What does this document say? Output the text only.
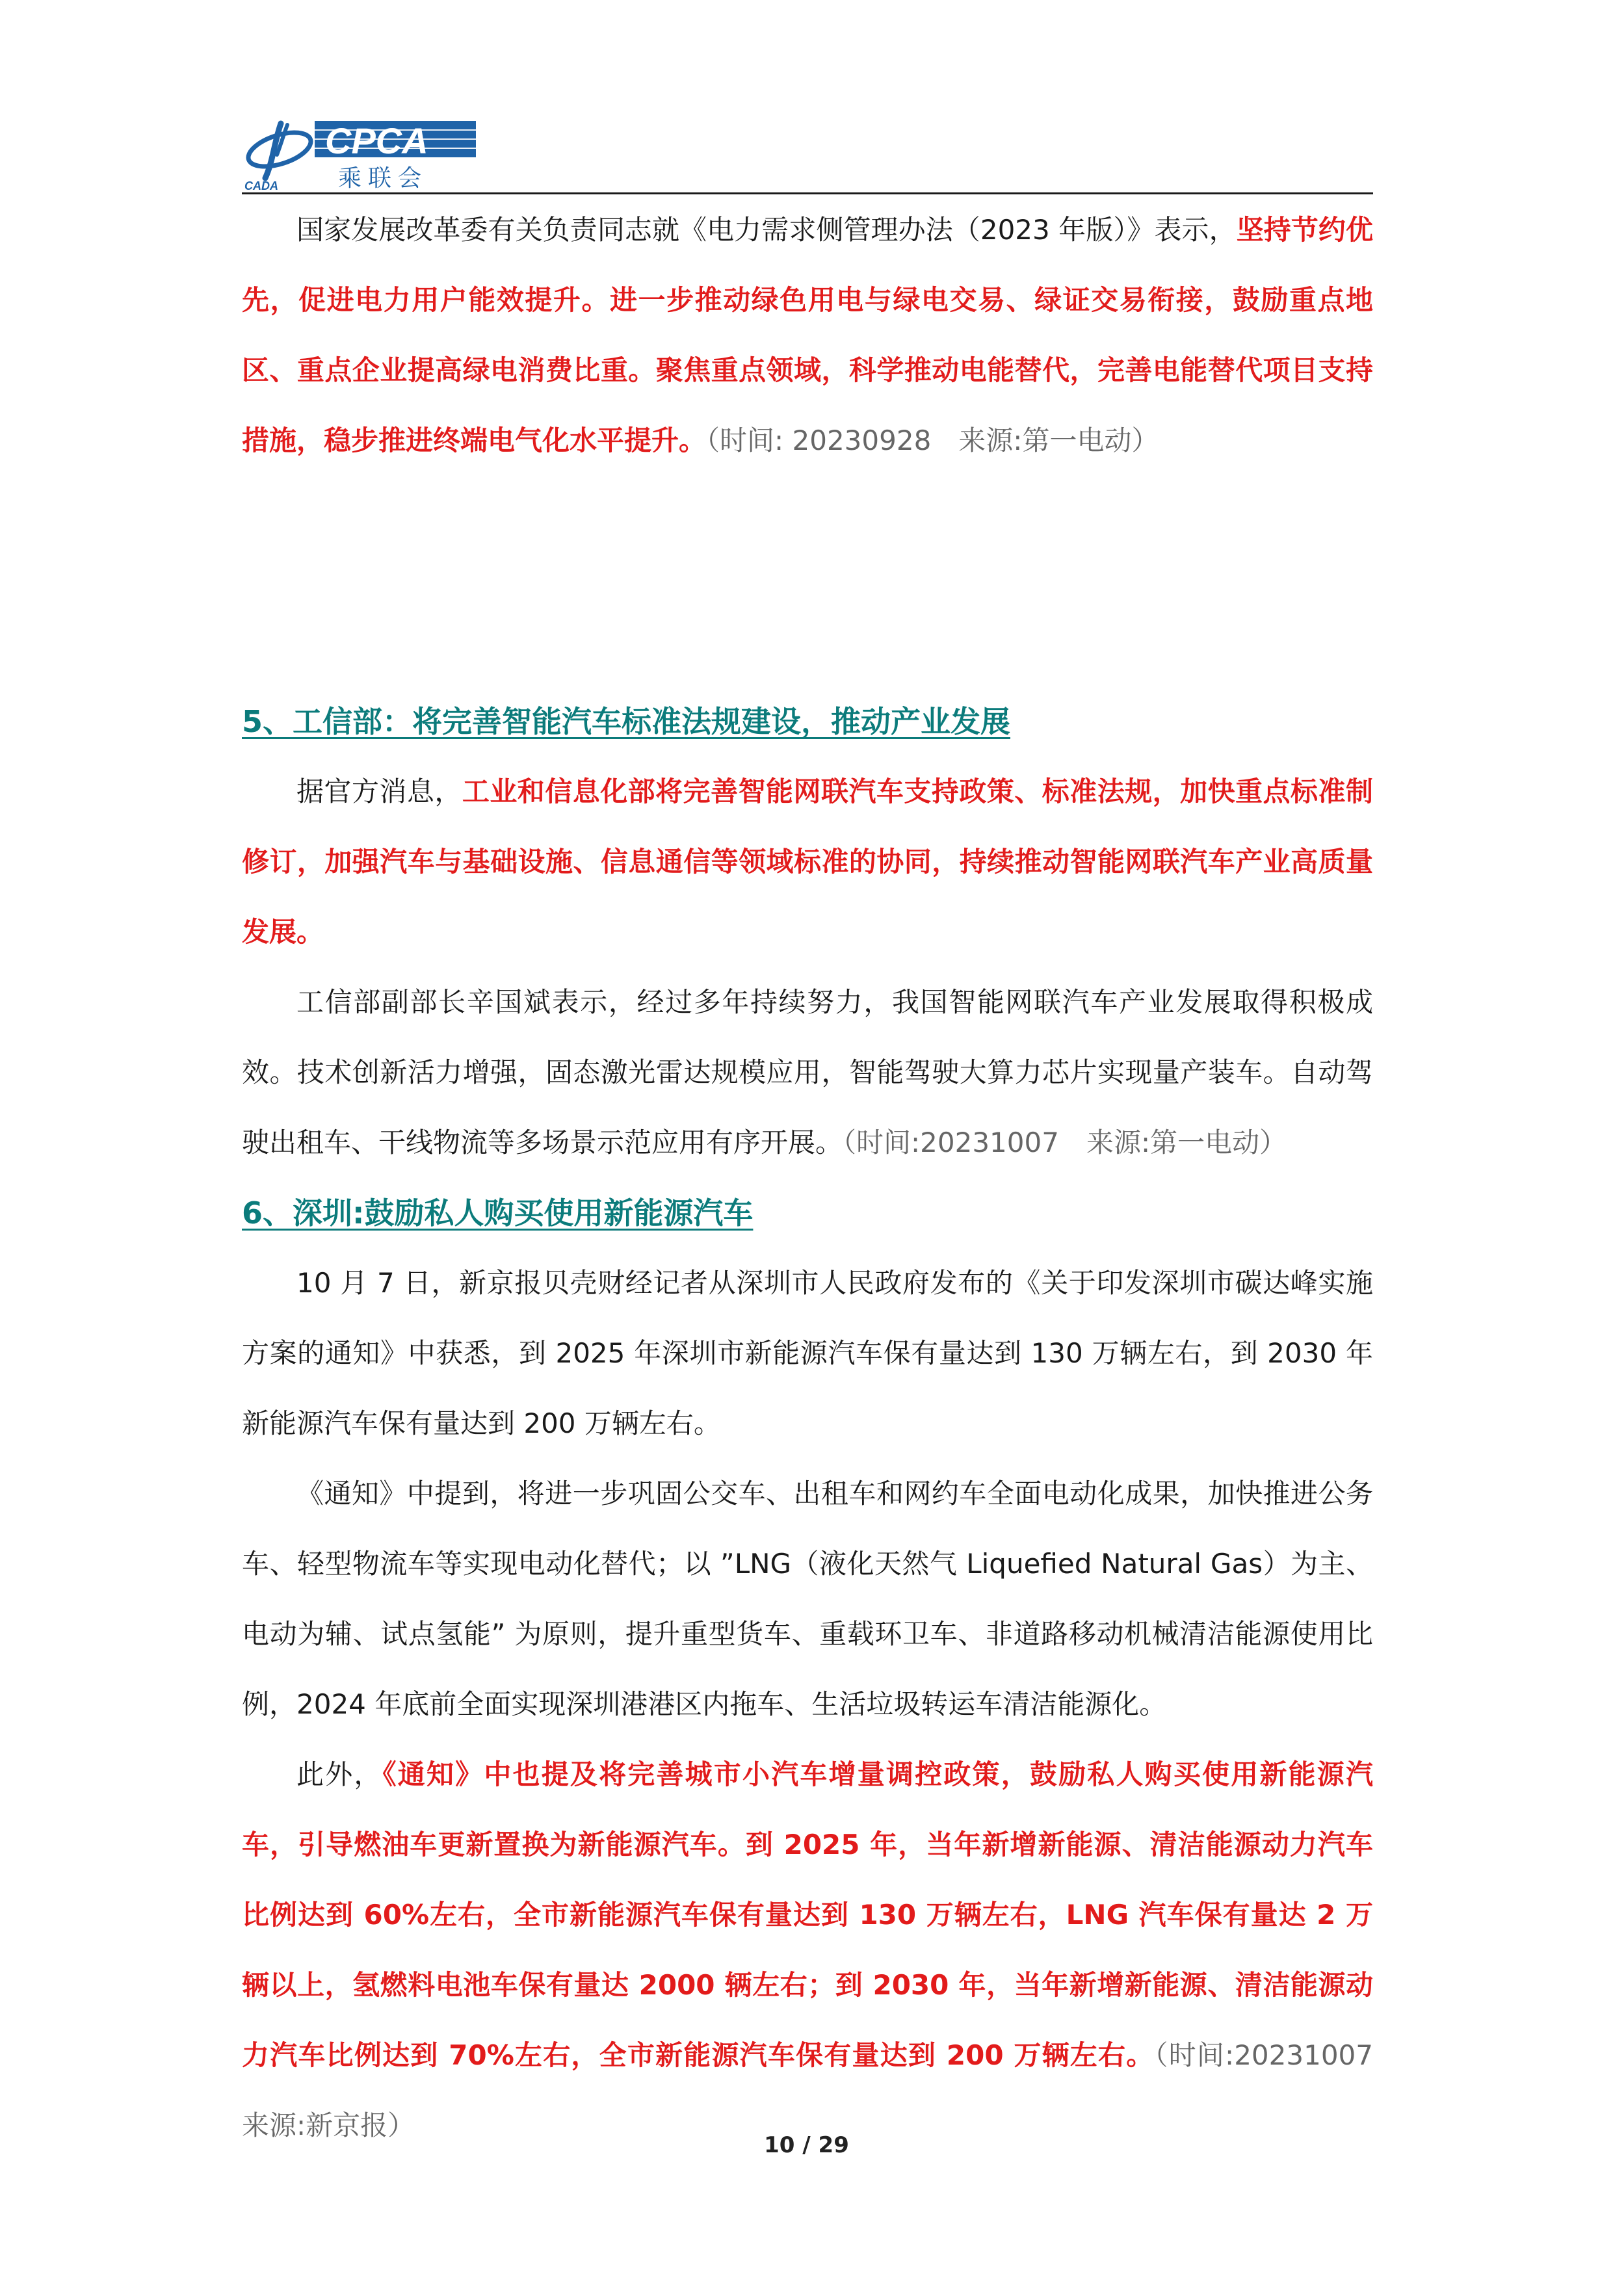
CADA
CPCA
乘联会

国家发展改革委有关负责同志就《电力需求侧管理办法（2023 年版）》表示，坚持节约优先，促进电力用户能效提升。进一步推动绿色用电与绿电交易、绿证交易衔接，鼓励重点地区、重点企业提高绿电消费比重。聚焦重点领域，科学推动电能替代，完善电能替代项目支持措施，稳步推进终端电气化水平提升。（时间: 20230928　来源:第一电动）

5、工信部：将完善智能汽车标准法规建设，推动产业发展

据官方消息，工业和信息化部将完善智能网联汽车支持政策、标准法规，加快重点标准制修订，加强汽车与基础设施、信息通信等领域标准的协同，持续推动智能网联汽车产业高质量发展。

工信部副部长辛国斌表示，经过多年持续努力，我国智能网联汽车产业发展取得积极成效。技术创新活力增强，固态激光雷达规模应用，智能驾驶大算力芯片实现量产装车。自动驾驶出租车、干线物流等多场景示范应用有序开展。（时间:20231007　来源:第一电动）

6、深圳:鼓励私人购买使用新能源汽车

10 月 7 日，新京报贝壳财经记者从深圳市人民政府发布的《关于印发深圳市碳达峰实施方案的通知》中获悉，到 2025 年深圳市新能源汽车保有量达到 130 万辆左右，到 2030 年新能源汽车保有量达到 200 万辆左右。

《通知》中提到，将进一步巩固公交车、出租车和网约车全面电动化成果，加快推进公务车、轻型物流车等实现电动化替代；以 ”LNG（液化天然气 Liquefied Natural Gas）为主、电动为辅、试点氢能” 为原则，提升重型货车、重载环卫车、非道路移动机械清洁能源使用比例，2024 年底前全面实现深圳港港区内拖车、生活垃圾转运车清洁能源化。

此外，《通知》中也提及将完善城市小汽车增量调控政策，鼓励私人购买使用新能源汽车，引导燃油车更新置换为新能源汽车。到 2025 年，当年新增新能源、清洁能源动力汽车比例达到 60%左右，全市新能源汽车保有量达到 130 万辆左右，LNG 汽车保有量达 2 万辆以上，氢燃料电池车保有量达 2000 辆左右；到 2030 年，当年新增新能源、清洁能源动力汽车比例达到 70%左右，全市新能源汽车保有量达到 200 万辆左右。（时间:20231007　来源:新京报）

10 / 29
